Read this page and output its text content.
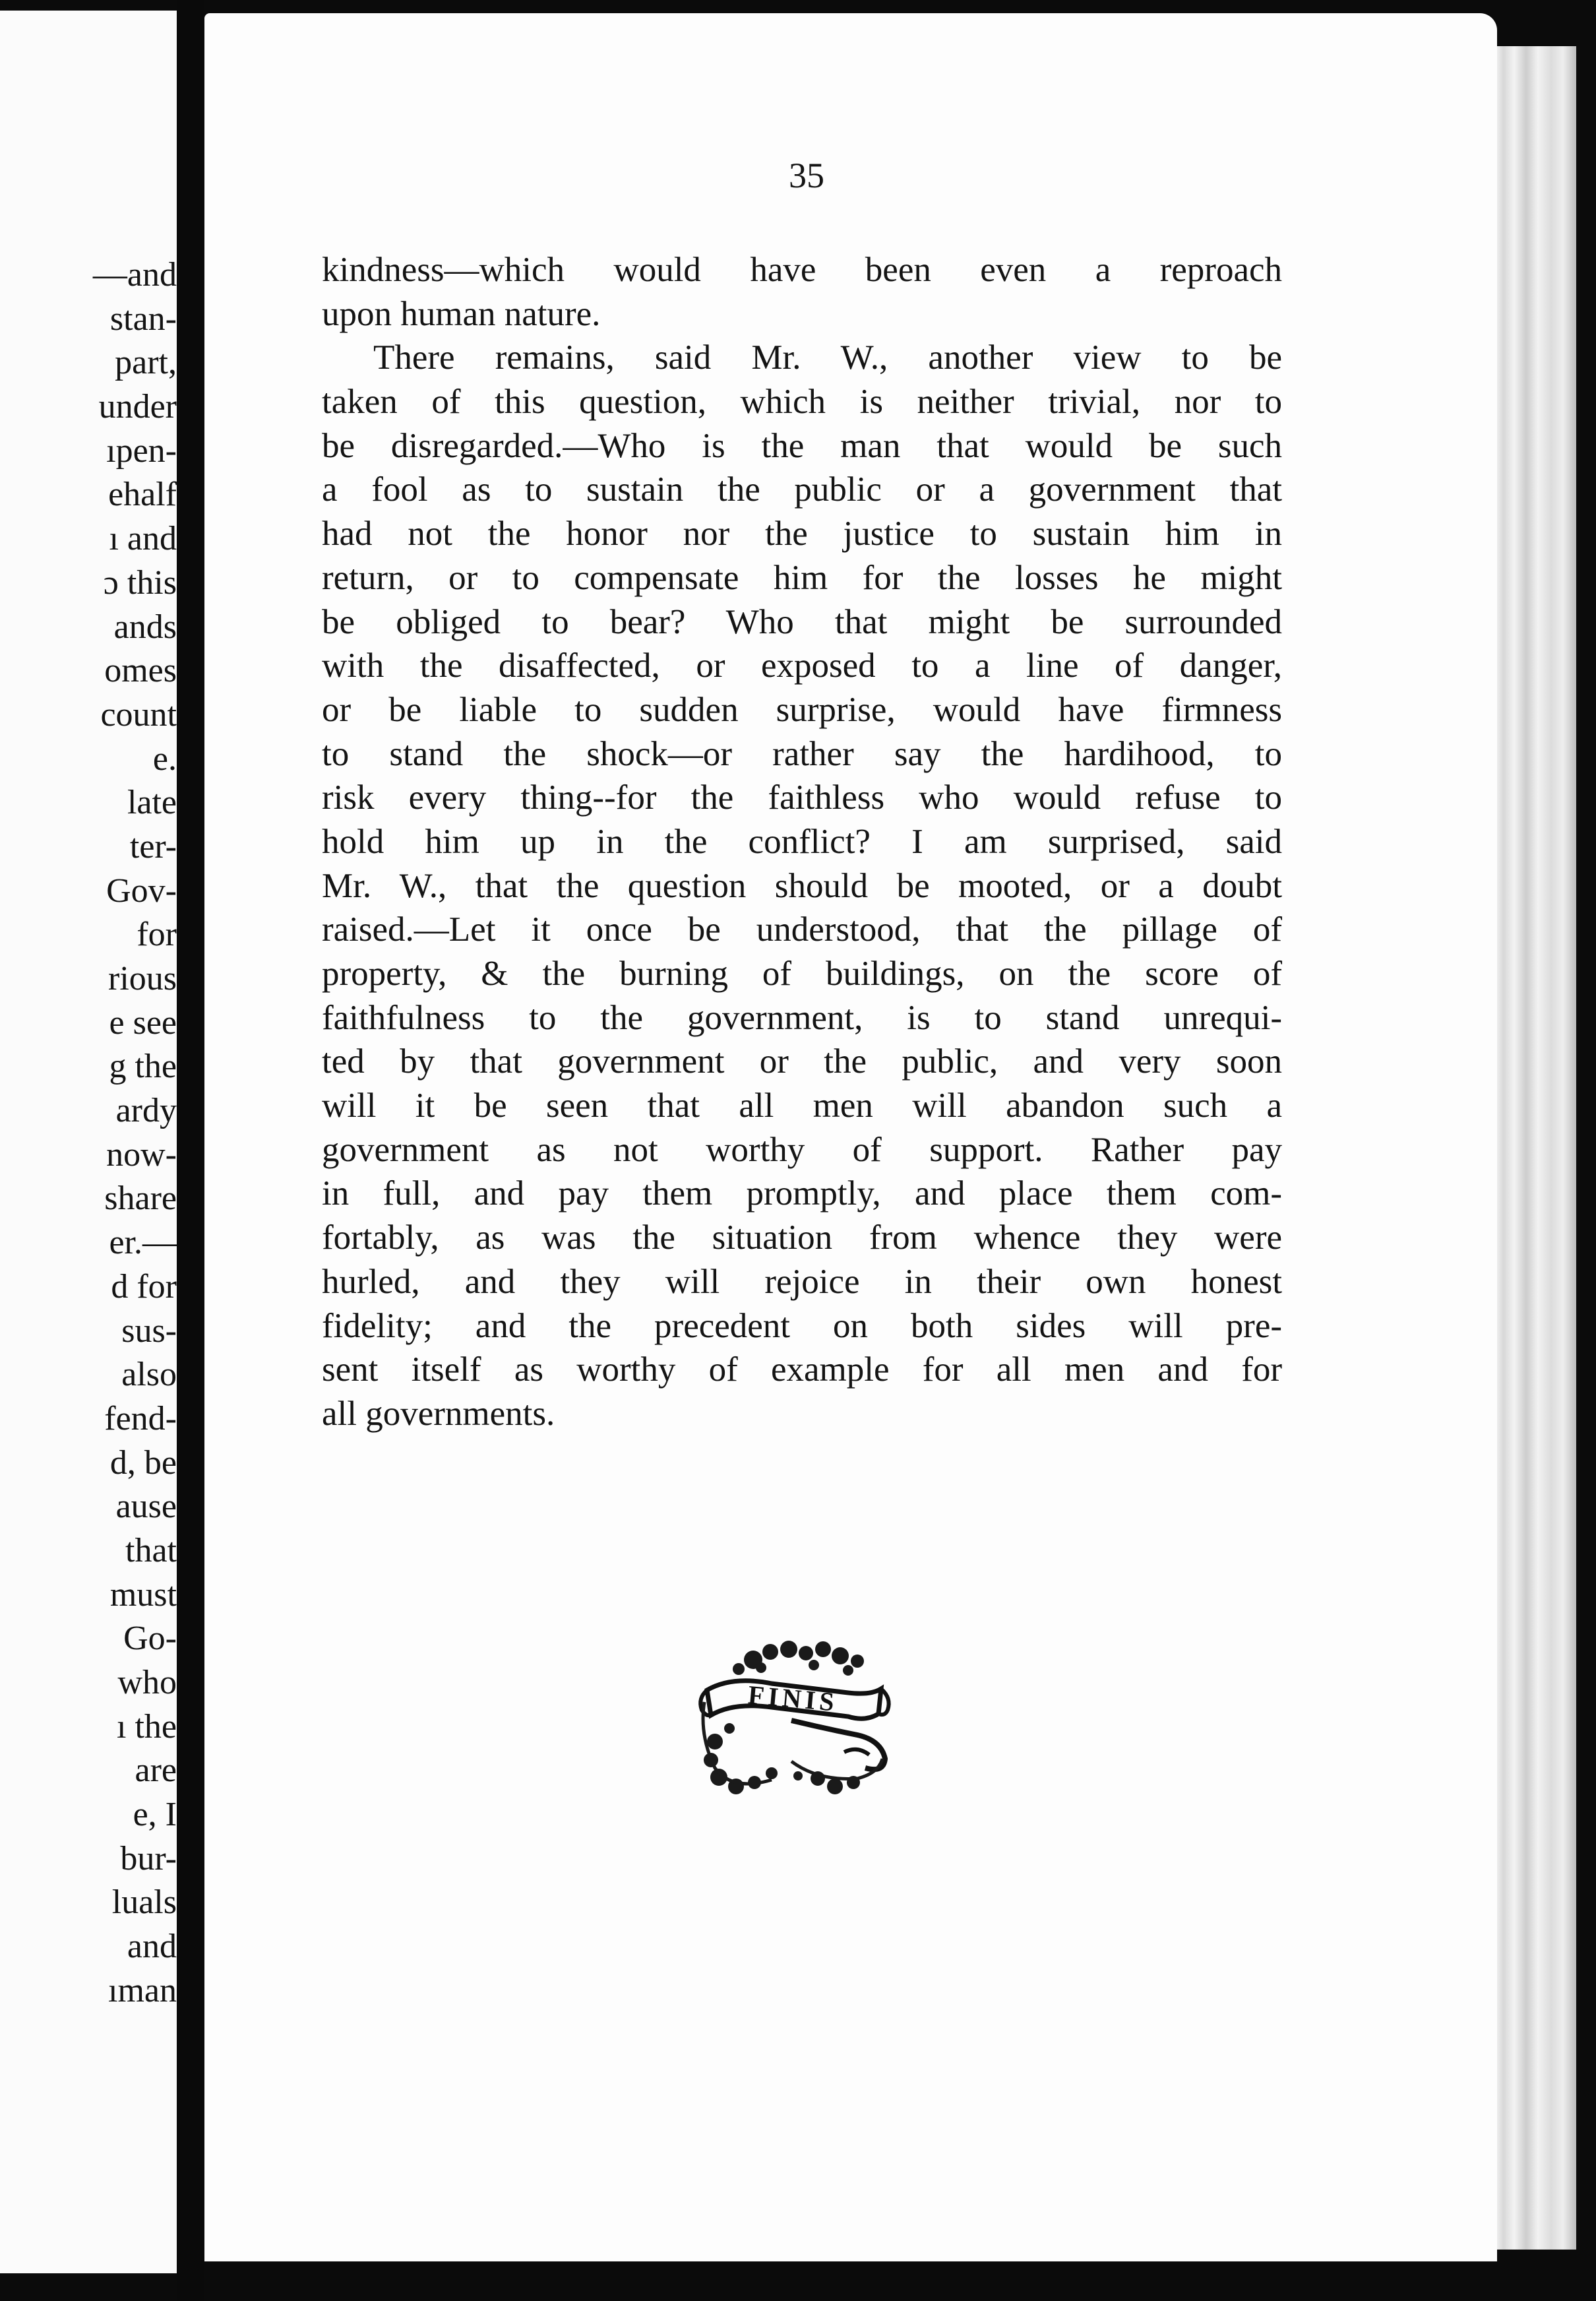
—and
stan-
part,
under
ıpen-
ehalf
ı and
ɔ this
ands
omes
count
e.
late
ter-
Gov-
for
rious
e see
g the
ardy
now-
share
er.—
d for
sus-
also
fend-
d, be
ause
that
must
Go-
who
ı the
are
e, I
bur-
luals
and
ıman
35
kindness—which would have been even a reproach
upon human nature.
There remains, said Mr. W., another view to be
taken of this question, which is neither trivial, nor to
be disregarded.—Who is the man that would be such
a fool as to sustain the public or a government that
had not the honor nor the justice to sustain him in
return, or to compensate him for the losses he might
be obliged to bear? Who that might be surrounded
with the disaffected, or exposed to a line of danger,
or be liable to sudden surprise, would have firmness
to stand the shock—or rather say the hardihood, to
risk every thing--for the faithless who would refuse to
hold him up in the conflict? I am surprised, said
Mr. W., that the question should be mooted, or a doubt
raised.—Let it once be understood, that the pillage of
property, & the burning of buildings, on the score of
faithfulness to the government, is to stand unrequi-
ted by that government or the public, and very soon
will it be seen that all men will abandon such a
government as not worthy of support. Rather pay
in full, and pay them promptly, and place them com-
fortably, as was the situation from whence they were
hurled, and they will rejoice in their own honest
fidelity; and the precedent on both sides will pre-
sent itself as worthy of example for all men and for
all governments.
FINIS
